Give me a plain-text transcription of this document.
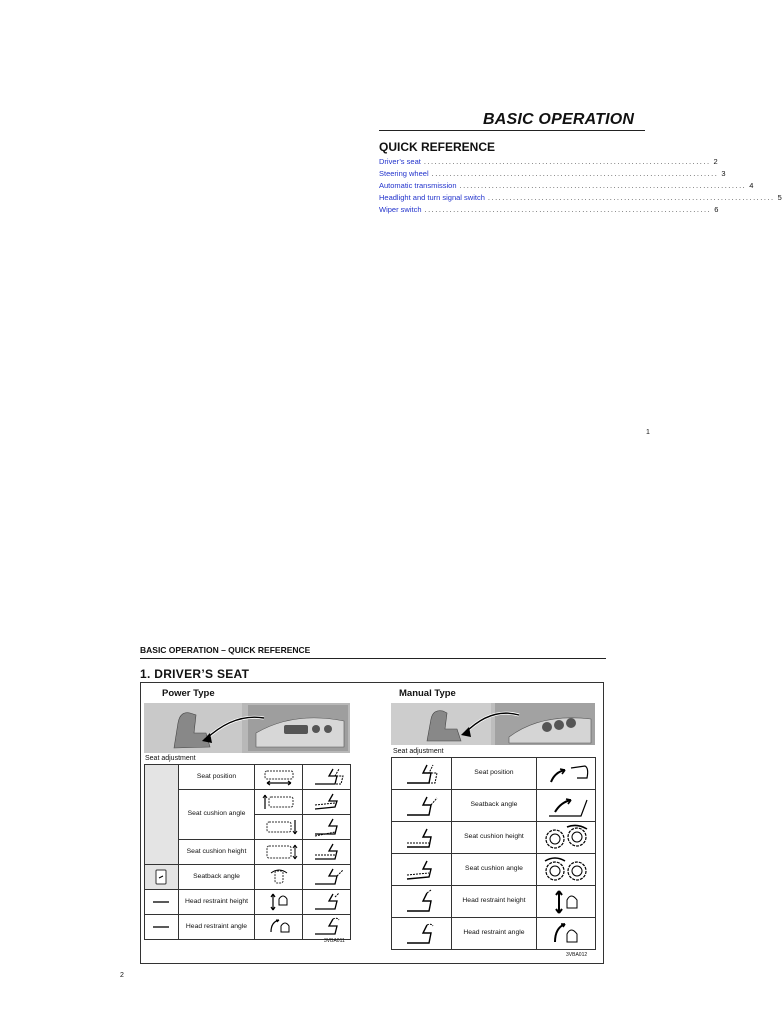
BASIC OPERATION
QUICK REFERENCE
Driver’s seat ................................................................................ 2
Steering wheel ................................................................................ 3
Automatic transmission ................................................................................ 4
Headlight and turn signal switch ................................................................................ 5
Wiper switch ................................................................................ 6
1
BASIC OPERATION – QUICK REFERENCE
1. DRIVER’S SEAT
Power Type
Seat adjustment
	Seat position	

	Seat cushion angle	

	Seat cushion height	

	Seatback angle	

	Head restraint height	

	Head restraint angle	

3VBA011
Manual Type
Seat adjustment
	Seat position	

	Seatback angle	

	Seat cushion height	

	Seat cushion angle	

	Head restraint height	

	Head restraint angle	
3VBA012
2
